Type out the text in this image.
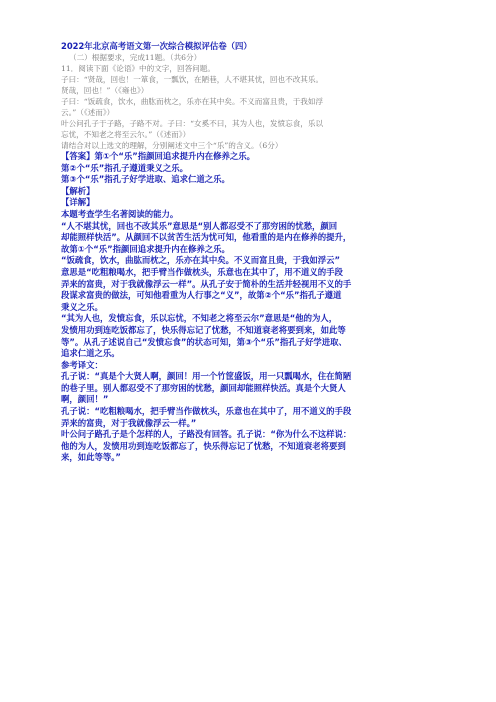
2022年北京高考语文第一次综合模拟评估卷（四）

（二）根据要求，完成11题。（共6分）

11．阅读下面《论语》中的文字，回答问题。

子曰：“贤哉，回也！一箪食，一瓢饮，在陋巷，人不堪其忧，回也不改其乐。

贤哉，回也！”（《雍也》）

子曰：“饭疏食，饮水，曲肱而枕之，乐亦在其中矣。不义而富且贵，于我如浮

云。”（《述而》）

叶公问孔子于子路，子路不对。子曰：“女奚不曰，其为人也，发愤忘食，乐以

忘忧，不知老之将至云尔。”（《述而》）

请结合对以上选文的理解，分别阐述文中三个“乐”的含义。（6分）

【答案】第①个“乐”指颜回追求提升内在修养之乐。

第②个“乐”指孔子遵道秉义之乐。

第③个“乐”指孔子好学进取、追求仁道之乐。

【解析】

【详解】

本题考查学生名著阅读的能力。

“人不堪其忧，回也不改其乐”意思是“别人都忍受不了那穷困的忧愁，颜回

却能照样快活”。从颜回不以贫苦生活为忧可知，他看重的是内在修养的提升，

故第①个“乐”指颜回追求提升内在修养之乐。

“饭疏食，饮水，曲肱而枕之，乐亦在其中矣。不义而富且贵，于我如浮云”

意思是“吃粗粮喝水，把手臂当作做枕头，乐意也在其中了，用不道义的手段

弄来的富贵，对于我就像浮云一样”。从孔子安于简朴的生活并轻视用不义的手

段谋求富贵的做法，可知他看重为人行事之“义”，故第②个“乐”指孔子遵道

秉义之乐。

“其为人也，发愤忘食，乐以忘忧，不知老之将至云尔”意思是“他的为人，

发愤用功到连吃饭都忘了，快乐得忘记了忧愁，不知道衰老将要到来，如此等

等”。从孔子述说自己“发愤忘食”的状态可知，第③个“乐”指孔子好学进取、

追求仁道之乐。

参考译文：

孔子说：“真是个大贤人啊，颜回！用一个竹筐盛饭，用一只瓢喝水，住在简陋

的巷子里。别人都忍受不了那穷困的忧愁，颜回却能照样快活。真是个大贤人

啊，颜回！”

孔子说：“吃粗粮喝水，把手臂当作做枕头，乐意也在其中了，用不道义的手段

弄来的富贵，对于我就像浮云一样。”

叶公问子路孔子是个怎样的人，子路没有回答。孔子说：“你为什么不这样说：

他的为人，发愤用功到连吃饭都忘了，快乐得忘记了忧愁，不知道衰老将要到

来，如此等等。”
